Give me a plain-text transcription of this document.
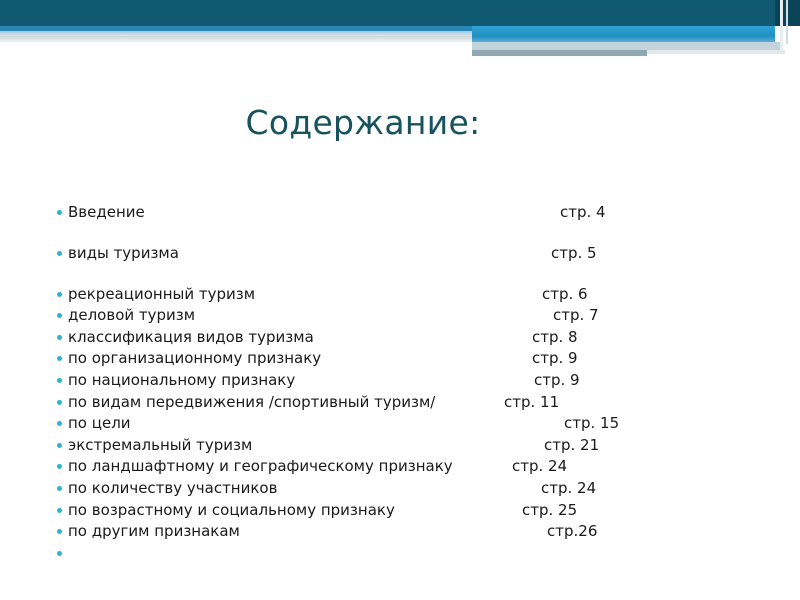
Содержание:
Введение	стр. 4
виды туризма	стр. 5
рекреационный туризм	стр. 6
деловой туризм	стр. 7
классификация видов туризма	стр. 8
по организационному признаку	стр. 9
по национальному признаку	стр. 9
по видам передвижения /спортивный туризм/	стр. 11
по цели	стр. 15
экстремальный туризм	стр. 21
по ландшафтному и географическому признаку	стр. 24
по количеству участников	стр. 24
по возрастному и социальному признаку	стр. 25
по другим признакам	стр.26
